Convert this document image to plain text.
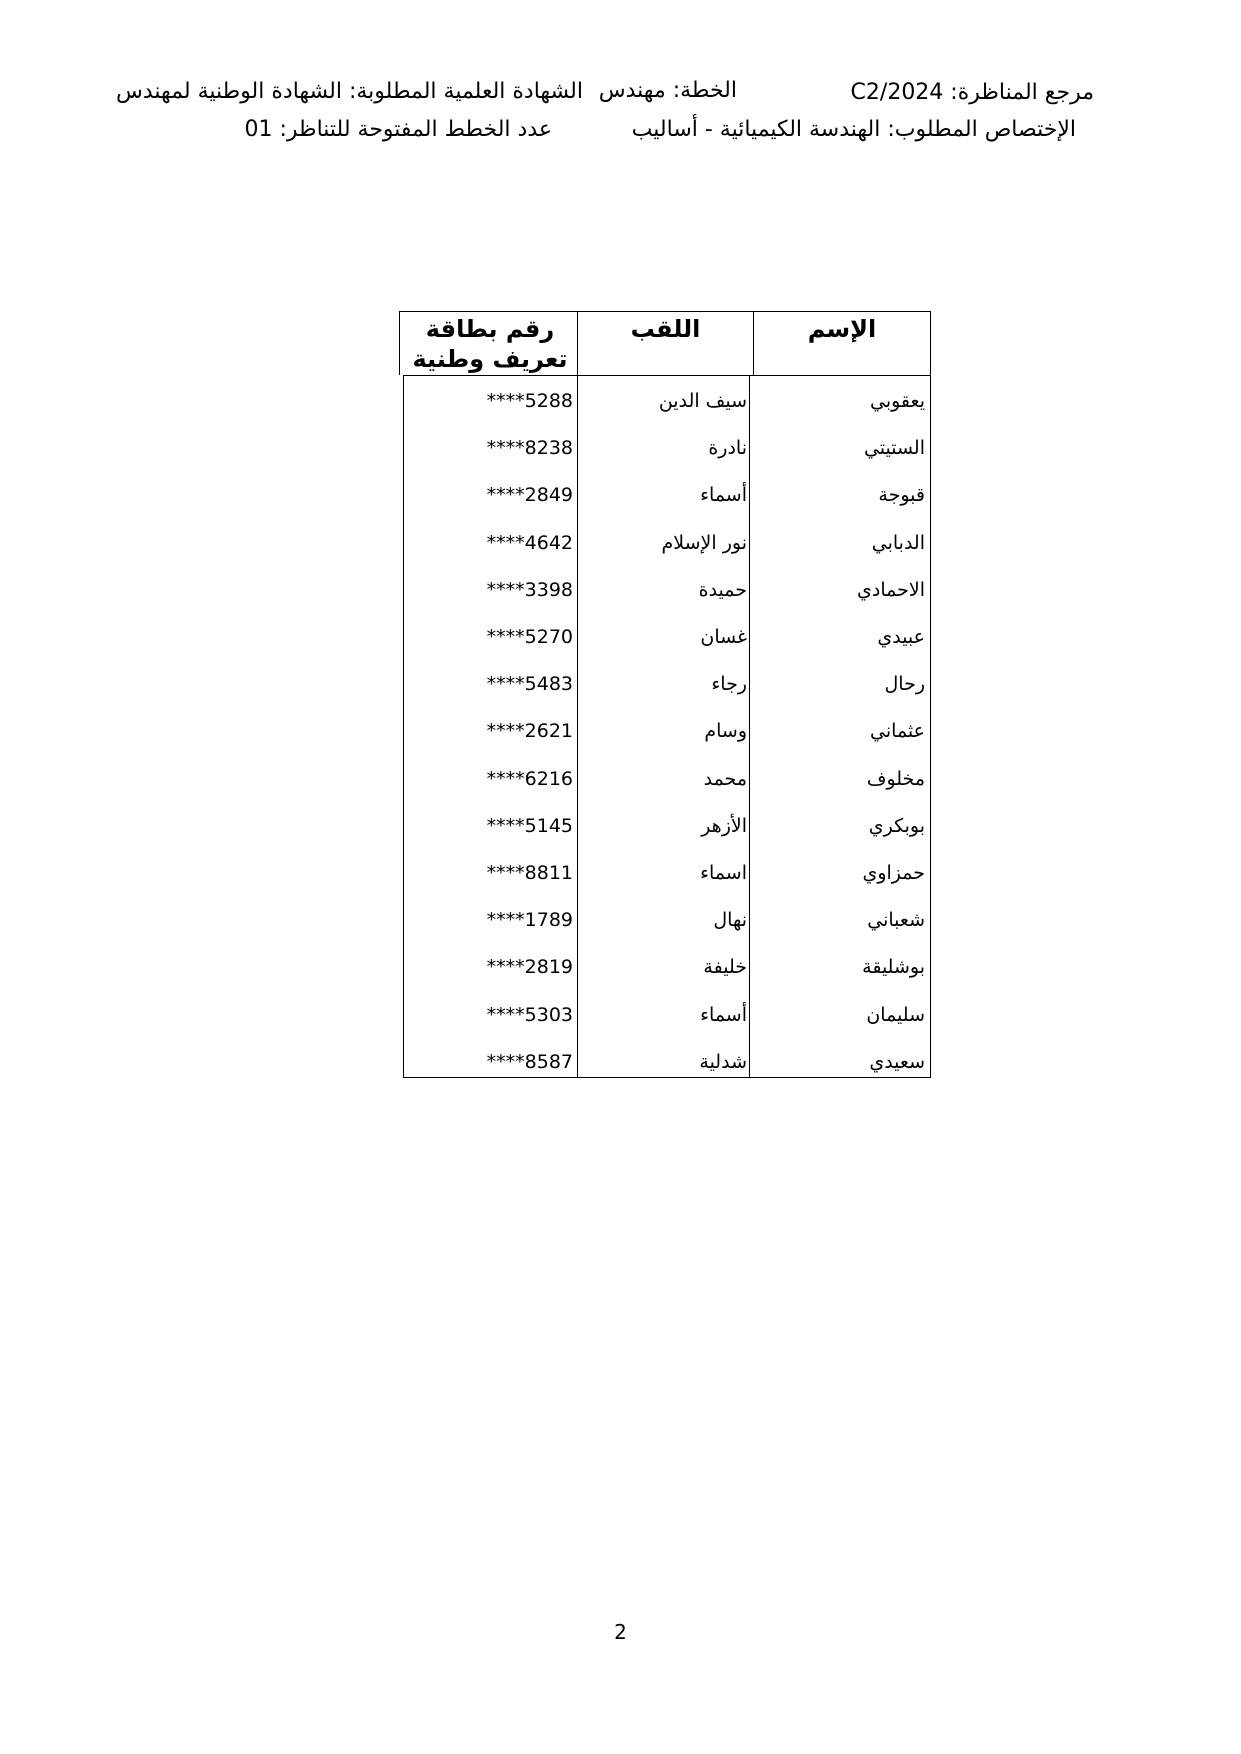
مرجع المناظرة: C2/2024
الخطة: مهندس
الشهادة العلمية المطلوبة: الشهادة الوطنية لمهندس
الإختصاص المطلوب: الهندسة الكيميائية - أساليب
عدد الخطط المفتوحة للتناظر: 01
الإسم
اللقب
رقم بطاقة تعريف وطنية
يعقوبي
سيف الدين
****5288
الستيتي
نادرة
****8238
قبوجة
أسماء
****2849
الدبابي
نور الإسلام
****4642
الاحمادي
حميدة
****3398
عبيدي
غسان
****5270
رحال
رجاء
****5483
عثماني
وسام
****2621
مخلوف
محمد
****6216
بوبكري
الأزهر
****5145
حمزاوي
اسماء
****8811
شعباني
نهال
****1789
بوشليقة
خليفة
****2819
سليمان
أسماء
****5303
سعيدي
شدلية
****8587
2
